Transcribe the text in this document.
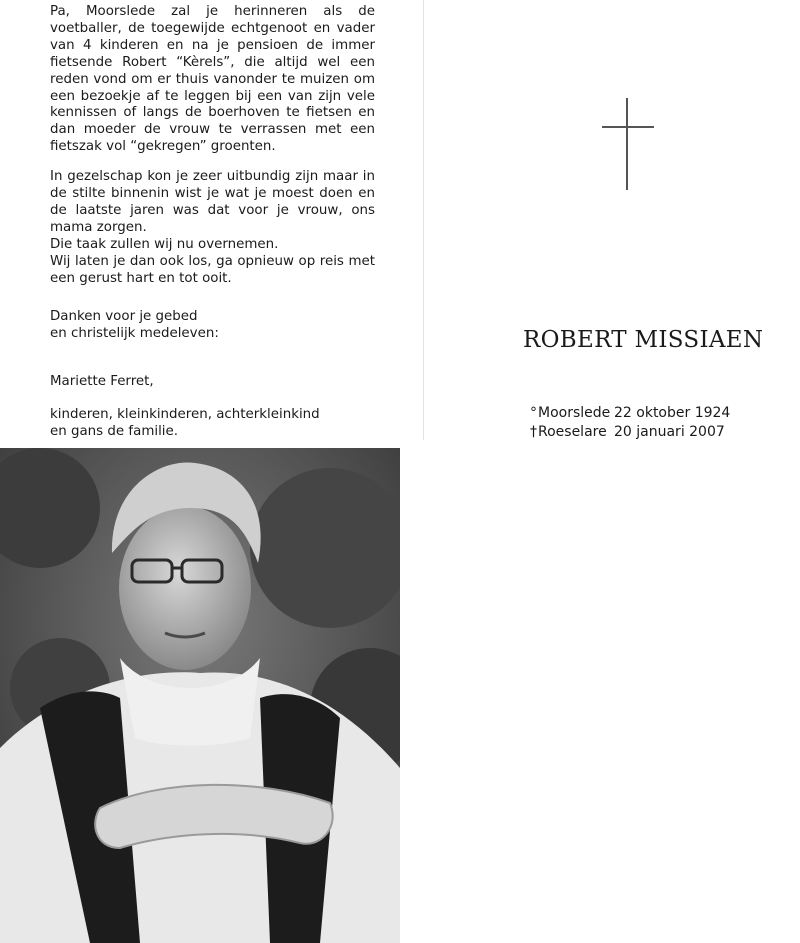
Pa, Moorslede zal je herinneren als de voetballer, de toegewijde echtgenoot en vader van 4 kinderen en na je pensioen de immer fietsende Robert “Kèrels”, die altijd wel een reden vond om er thuis vanonder te muizen om een bezoekje af te leggen bij een van zijn vele kennissen of langs de boerhoven te fietsen en dan moeder de vrouw te verrassen met een fietszak vol “gekregen” groenten.

In gezelschap kon je zeer uitbundig zijn maar in de stilte binnenin wist je wat je moest doen en de laatste jaren was dat voor je vrouw, ons mama zorgen.

Die taak zullen wij nu overnemen.

Wij laten je dan ook los, ga opnieuw op reis met een gerust hart en tot ooit.

Danken voor je gebed
en christelijk medeleven:
Mariette Ferret,
kinderen, kleinkinderen, achterkleinkind
en gans de familie.
ROBERT MISSIAEN
° Moorslede 22 oktober 1924
† Roeselare 20 januari 2007
